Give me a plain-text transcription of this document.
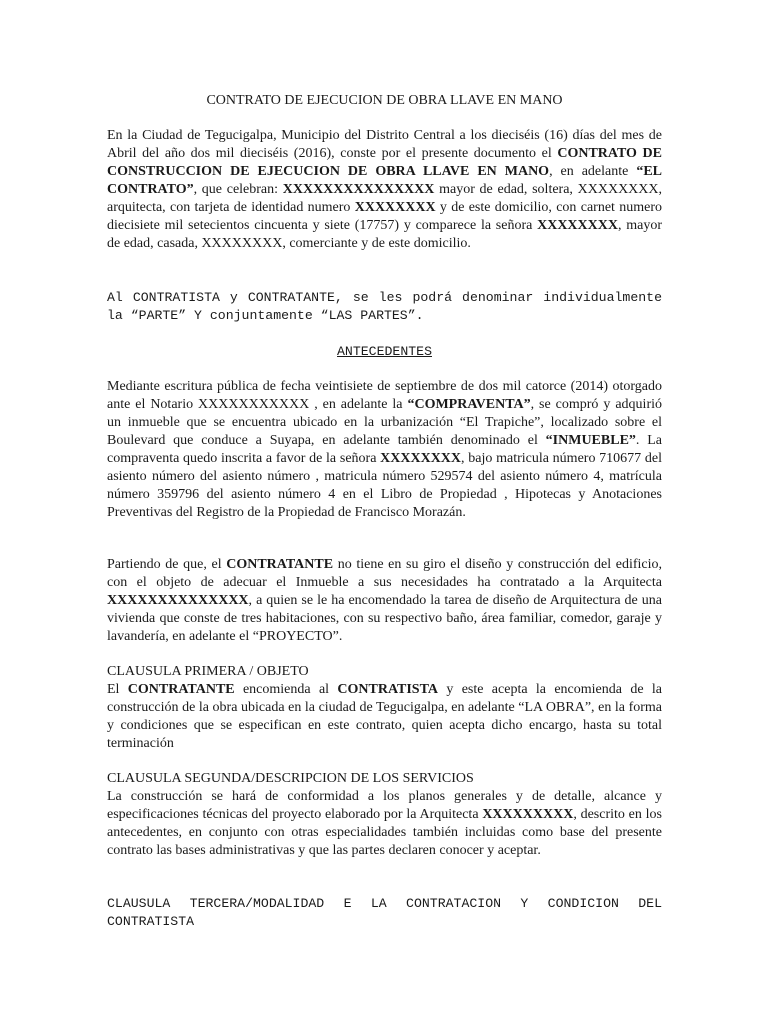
CONTRATO DE EJECUCION DE OBRA LLAVE EN MANO

En la Ciudad de Tegucigalpa, Municipio del Distrito Central a los dieciséis (16) días del mes de Abril del año dos mil dieciséis (2016), conste por el presente documento el CONTRATO DE CONSTRUCCION DE EJECUCION DE OBRA LLAVE EN MANO, en adelante “EL CONTRATO”, que celebran: XXXXXXXXXXXXXXX mayor de edad, soltera, XXXXXXXX, arquitecta, con tarjeta de identidad numero XXXXXXXX y de este domicilio, con carnet numero diecisiete mil setecientos cincuenta y siete (17757) y comparece la señora XXXXXXXX, mayor de edad, casada, XXXXXXXX, comerciante y de este domicilio.

Al CONTRATISTA y CONTRATANTE, se les podrá denominar individualmente la “PARTE” Y conjuntamente “LAS PARTES”.

ANTECEDENTES

Mediante escritura pública de fecha veintisiete de septiembre de dos mil catorce (2014) otorgado ante el Notario XXXXXXXXXXX , en adelante la “COMPRAVENTA”, se compró y adquirió un inmueble que se encuentra ubicado en la urbanización “El Trapiche”, localizado sobre el Boulevard que conduce a Suyapa, en adelante también denominado el “INMUEBLE”. La compraventa quedo inscrita a favor de la señora XXXXXXXX, bajo matricula número 710677 del asiento número del asiento número , matricula número 529574 del asiento número 4, matrícula número 359796 del asiento número 4 en el Libro de Propiedad , Hipotecas y Anotaciones Preventivas del Registro de la Propiedad de Francisco Morazán.

Partiendo de que, el CONTRATANTE no tiene en su giro el diseño y construcción del edificio, con el objeto de adecuar el Inmueble a sus necesidades ha contratado a la Arquitecta XXXXXXXXXXXXXX, a quien se le ha encomendado la tarea de diseño de Arquitectura de una vivienda que conste de tres habitaciones, con su respectivo baño, área familiar, comedor, garaje y lavandería, en adelante el “PROYECTO”.

CLAUSULA PRIMERA / OBJETO

El CONTRATANTE encomienda al CONTRATISTA y este acepta la encomienda de la construcción de la obra ubicada en la ciudad de Tegucigalpa, en adelante “LA OBRA”, en la forma y condiciones que se especifican en este contrato, quien acepta dicho encargo, hasta su total terminación

CLAUSULA SEGUNDA/DESCRIPCION DE LOS SERVICIOS

La construcción se hará de conformidad a los planos generales y de detalle, alcance y especificaciones técnicas del proyecto elaborado por la Arquitecta XXXXXXXXX, descrito en los antecedentes, en conjunto con otras especialidades también incluidas como base del presente contrato las bases administrativas y que las partes declaren conocer y aceptar.

CLAUSULA TERCERA/MODALIDAD E LA CONTRATACION Y CONDICION DEL CONTRATISTA
